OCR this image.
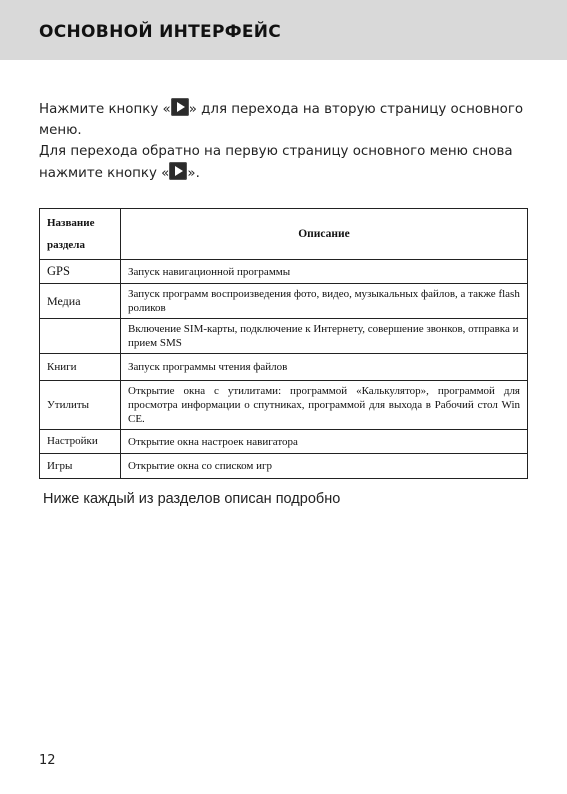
ОСНОВНОЙ ИНТЕРФЕЙС

Нажмите кнопку « » для перехода на вторую страницу основного меню.

Для перехода обратно на первую страницу основного меню снова нажмите кнопку « ».

Название раздела	Описание
GPS	Запуск навигационной программы
Медиа	Запуск программ воспроизведения фото, видео, музыкальных файлов, а также flash роликов
	Включение SIM-карты, подключение к Интернету, совершение звонков, отправка и прием SMS
Книги	Запуск программы чтения файлов
Утилиты	Открытие окна с утилитами: программой «Калькулятор», программой для просмотра информации о спутниках, программой для выхода в Рабочий стол Win CE.
Настройки	Открытие окна настроек навигатора
Игры	Открытие окна со списком игр
Ниже каждый из разделов описан подробно
12
